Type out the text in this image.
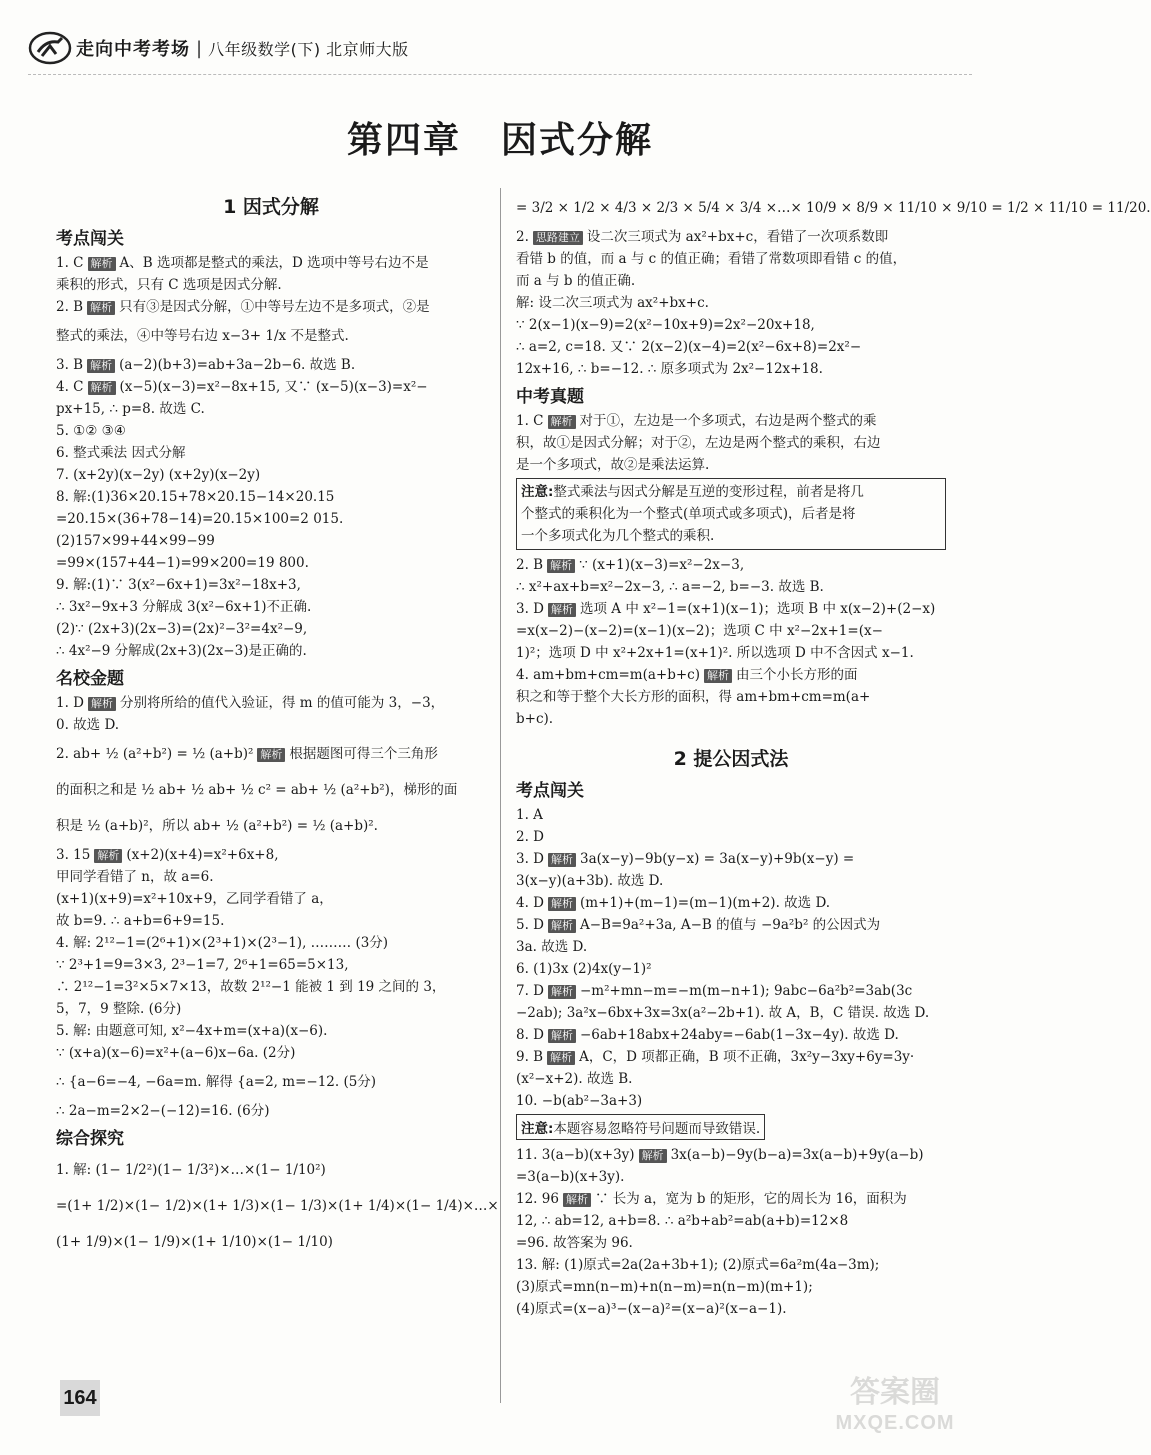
走向中考考场 | 八年级数学(下) 北京师大版
第四章 因式分解
1 因式分解
考点闯关
1. C 解析 A、B 选项都是整式的乘法，D 选项中等号右边不是
乘积的形式，只有 C 选项是因式分解.
2. B 解析 只有③是因式分解，①中等号左边不是多项式，②是
整式的乘法，④中等号右边 x−3+ 1/x 不是整式.
3. B 解析 (a−2)(b+3)=ab+3a−2b−6. 故选 B.
4. C 解析 (x−5)(x−3)=x²−8x+15, 又∵ (x−5)(x−3)=x²−
px+15, ∴ p=8. 故选 C.
5. ①② ③④
6. 整式乘法 因式分解
7. (x+2y)(x−2y) (x+2y)(x−2y)
8. 解:(1)36×20.15+78×20.15−14×20.15
=20.15×(36+78−14)=20.15×100=2 015.
(2)157×99+44×99−99
=99×(157+44−1)=99×200=19 800.
9. 解:(1)∵ 3(x²−6x+1)=3x²−18x+3,
∴ 3x²−9x+3 分解成 3(x²−6x+1)不正确.
(2)∵ (2x+3)(2x−3)=(2x)²−3²=4x²−9,
∴ 4x²−9 分解成(2x+3)(2x−3)是正确的.
名校金题
1. D 解析 分别将所给的值代入验证，得 m 的值可能为 3，−3，
0. 故选 D.
2. ab+ ½ (a²+b²) = ½ (a+b)² 解析 根据题图可得三个三角形
的面积之和是 ½ ab+ ½ ab+ ½ c² = ab+ ½ (a²+b²)，梯形的面
积是 ½ (a+b)²，所以 ab+ ½ (a²+b²) = ½ (a+b)².
3. 15 解析 (x+2)(x+4)=x²+6x+8,
甲同学看错了 n，故 a=6.
(x+1)(x+9)=x²+10x+9，乙同学看错了 a，
故 b=9. ∴ a+b=6+9=15.
4. 解: 2¹²−1=(2⁶+1)×(2³+1)×(2³−1), ……… (3分)
∵ 2³+1=9=3×3, 2³−1=7, 2⁶+1=65=5×13,
∴ 2¹²−1=3²×5×7×13，故数 2¹²−1 能被 1 到 19 之间的 3，
5，7，9 整除. (6分)
5. 解: 由题意可知, x²−4x+m=(x+a)(x−6).
∵ (x+a)(x−6)=x²+(a−6)x−6a. (2分)
∴ {a−6=−4, −6a=m. 解得 {a=2, m=−12. (5分)
∴ 2a−m=2×2−(−12)=16. (6分)
综合探究
1. 解: (1− 1/2²)(1− 1/3²)×…×(1− 1/10²)
=(1+ 1/2)×(1− 1/2)×(1+ 1/3)×(1− 1/3)×(1+ 1/4)×(1− 1/4)×…×
(1+ 1/9)×(1− 1/9)×(1+ 1/10)×(1− 1/10)
= 3/2 × 1/2 × 4/3 × 2/3 × 5/4 × 3/4 ×…× 10/9 × 8/9 × 11/10 × 9/10 = 1/2 × 11/10 = 11/20.
2. 思路建立 设二次三项式为 ax²+bx+c，看错了一次项系数即
看错 b 的值，而 a 与 c 的值正确；看错了常数项即看错 c 的值，
而 a 与 b 的值正确.
解: 设二次三项式为 ax²+bx+c.
∵ 2(x−1)(x−9)=2(x²−10x+9)=2x²−20x+18,
∴ a=2, c=18. 又∵ 2(x−2)(x−4)=2(x²−6x+8)=2x²−
12x+16, ∴ b=−12. ∴ 原多项式为 2x²−12x+18.
中考真题
1. C 解析 对于①，左边是一个多项式，右边是两个整式的乘
积，故①是因式分解；对于②，左边是两个整式的乘积，右边
是一个多项式，故②是乘法运算.
注意:整式乘法与因式分解是互逆的变形过程，前者是将几
个整式的乘积化为一个整式(单项式或多项式)，后者是将
一个多项式化为几个整式的乘积.
2. B 解析 ∵ (x+1)(x−3)=x²−2x−3,
∴ x²+ax+b=x²−2x−3, ∴ a=−2, b=−3. 故选 B.
3. D 解析 选项 A 中 x²−1=(x+1)(x−1)；选项 B 中 x(x−2)+(2−x)
=x(x−2)−(x−2)=(x−1)(x−2)；选项 C 中 x²−2x+1=(x−
1)²；选项 D 中 x²+2x+1=(x+1)². 所以选项 D 中不含因式 x−1.
4. am+bm+cm=m(a+b+c) 解析 由三个小长方形的面
积之和等于整个大长方形的面积，得 am+bm+cm=m(a+
b+c).
2 提公因式法
考点闯关
1. A
2. D
3. D 解析 3a(x−y)−9b(y−x) = 3a(x−y)+9b(x−y) =
3(x−y)(a+3b). 故选 D.
4. D 解析 (m+1)+(m−1)=(m−1)(m+2). 故选 D.
5. D 解析 A−B=9a²+3a, A−B 的值与 −9a²b² 的公因式为
3a. 故选 D.
6. (1)3x (2)4x(y−1)²
7. D 解析 −m²+mn−m=−m(m−n+1); 9abc−6a²b²=3ab(3c
−2ab); 3a²x−6bx+3x=3x(a²−2b+1). 故 A，B，C 错误. 故选 D.
8. D 解析 −6ab+18abx+24aby=−6ab(1−3x−4y). 故选 D.
9. B 解析 A，C，D 项都正确，B 项不正确，3x²y−3xy+6y=3y·
(x²−x+2). 故选 B.
10. −b(ab²−3a+3)
注意:本题容易忽略符号问题而导致错误.
11. 3(a−b)(x+3y) 解析 3x(a−b)−9y(b−a)=3x(a−b)+9y(a−b)
=3(a−b)(x+3y).
12. 96 解析 ∵ 长为 a，宽为 b 的矩形，它的周长为 16，面积为
12, ∴ ab=12, a+b=8. ∴ a²b+ab²=ab(a+b)=12×8
=96. 故答案为 96.
13. 解: (1)原式=2a(2a+3b+1); (2)原式=6a²m(4a−3m);
(3)原式=mn(n−m)+n(n−m)=n(n−m)(m+1);
(4)原式=(x−a)³−(x−a)²=(x−a)²(x−a−1).
164	答案圈
MXQE.COM
